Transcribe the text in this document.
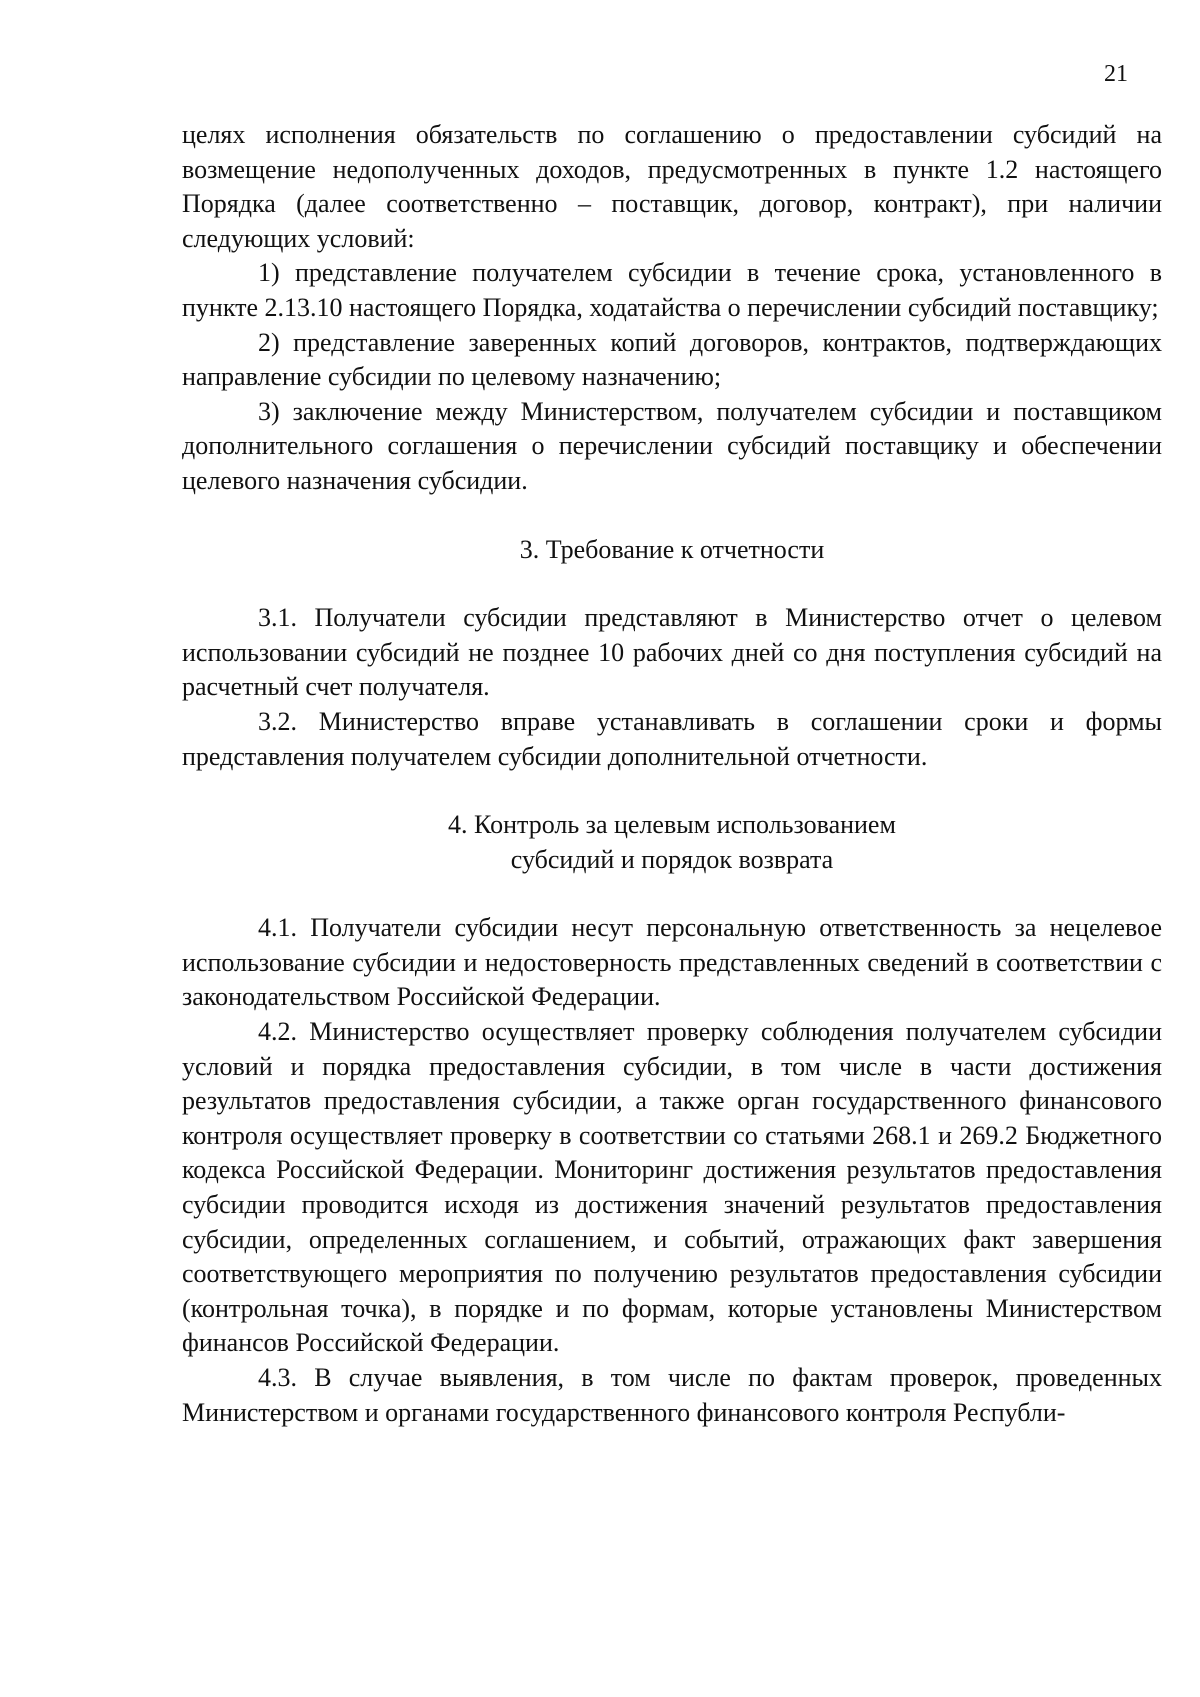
21

целях исполнения обязательств по соглашению о предоставлении субсидий на возмещение недополученных доходов, предусмотренных в пункте 1.2 настоящего Порядка (далее соответственно – поставщик, договор, контракт), при наличии следующих условий:

1) представление получателем субсидии в течение срока, установленного в пункте 2.13.10 настоящего Порядка, ходатайства о перечислении субсидий поставщику;

2) представление заверенных копий договоров, контрактов, подтверждающих направление субсидии по целевому назначению;

3) заключение между Министерством, получателем субсидии и поставщиком дополнительного соглашения о перечислении субсидий поставщику и обеспечении целевого назначения субсидии.

3. Требование к отчетности

3.1. Получатели субсидии представляют в Министерство отчет о целевом использовании субсидий не позднее 10 рабочих дней со дня поступления субсидий на расчетный счет получателя.

3.2. Министерство вправе устанавливать в соглашении сроки и формы представления получателем субсидии дополнительной отчетности.

4. Контроль за целевым использованием

субсидий и порядок возврата

4.1. Получатели субсидии несут персональную ответственность за нецелевое использование субсидии и недостоверность представленных сведений в соответствии с законодательством Российской Федерации.

4.2. Министерство осуществляет проверку соблюдения получателем субсидии условий и порядка предоставления субсидии, в том числе в части достижения результатов предоставления субсидии, а также орган государственного финансового контроля осуществляет проверку в соответствии со статьями 268.1 и 269.2 Бюджетного кодекса Российской Федерации. Мониторинг достижения результатов предоставления субсидии проводится исходя из достижения значений результатов предоставления субсидии, определенных соглашением, и событий, отражающих факт завершения соответствующего мероприятия по получению результатов предоставления субсидии (контрольная точка), в порядке и по формам, которые установлены Министерством финансов Российской Федерации.

4.3. В случае выявления, в том числе по фактам проверок, проведенных Министерством и органами государственного финансового контроля Республи-
